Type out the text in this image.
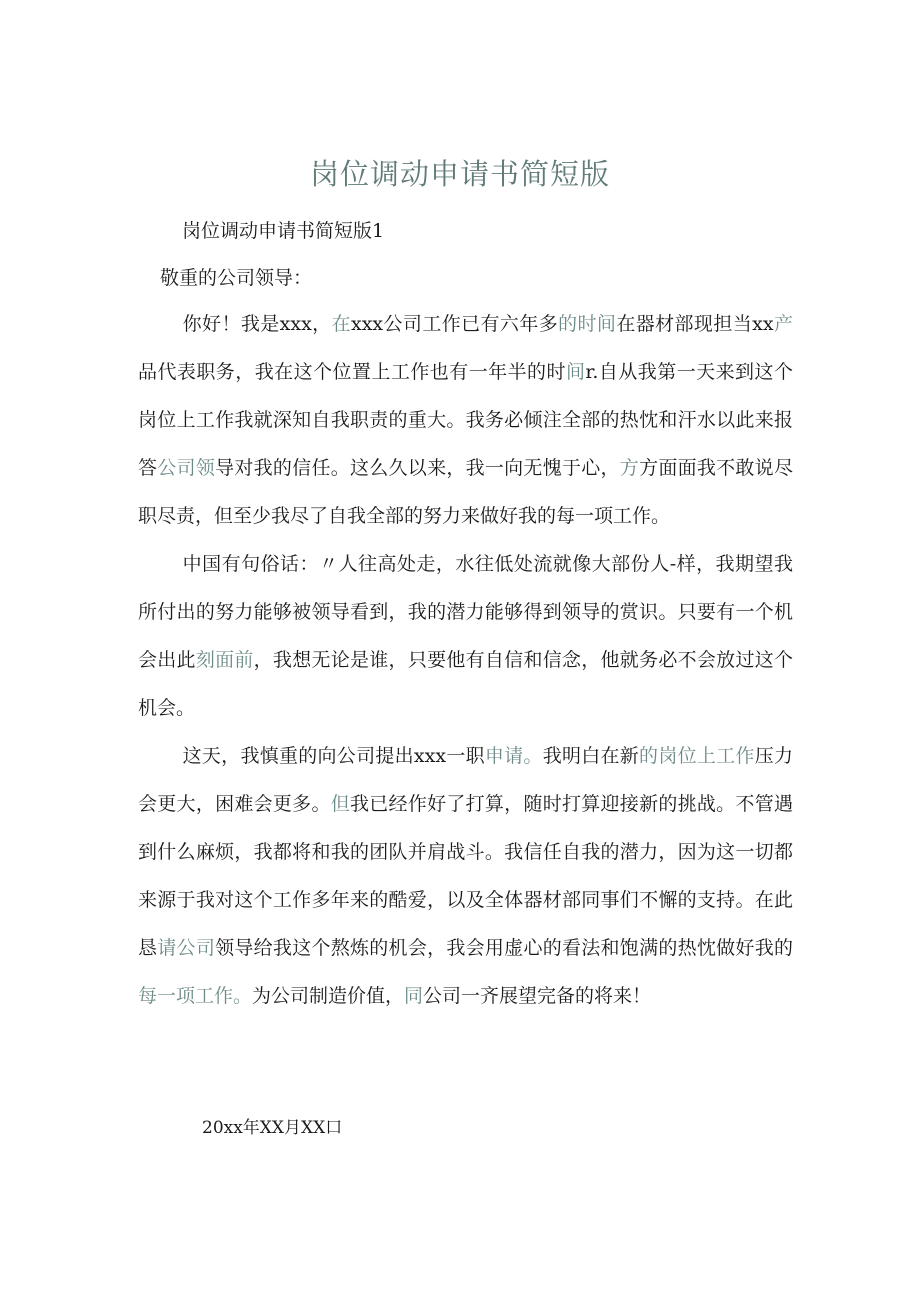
岗位调动申请书简短版

岗位调动申请书简短版1

敬重的公司领导：

你好！我是xxx，在xxx公司工作已有六年多的时间在器材部现担当xx产品代表职务，我在这个位置上工作也有一年半的时间r.自从我第一天来到这个岗位上工作我就深知自我职责的重大。我务必倾注全部的热忱和汗水以此来报答公司领导对我的信任。这么久以来，我一向无愧于心，方方面面我不敢说尽职尽责，但至少我尽了自我全部的努力来做好我的每一项工作。

中国有句俗话：〃人往高处走，水往低处流就像大部份人-样，我期望我所付出的努力能够被领导看到，我的潜力能够得到领导的赏识。只要有一个机会出此刻面前，我想无论是谁，只要他有自信和信念，他就务必不会放过这个机会。

这天，我慎重的向公司提出xxx一职申请。我明白在新的岗位上工作压力会更大，困难会更多。但我已经作好了打算，随时打算迎接新的挑战。不管遇到什么麻烦，我都将和我的团队并肩战斗。我信任自我的潜力，因为这一切都来源于我对这个工作多年来的酷爱，以及全体器材部同事们不懈的支持。在此恳请公司领导给我这个熬炼的机会，我会用虚心的看法和饱满的热忱做好我的每一项工作。为公司制造价值，同公司一齐展望完备的将来！

20xx年XX月XX口
